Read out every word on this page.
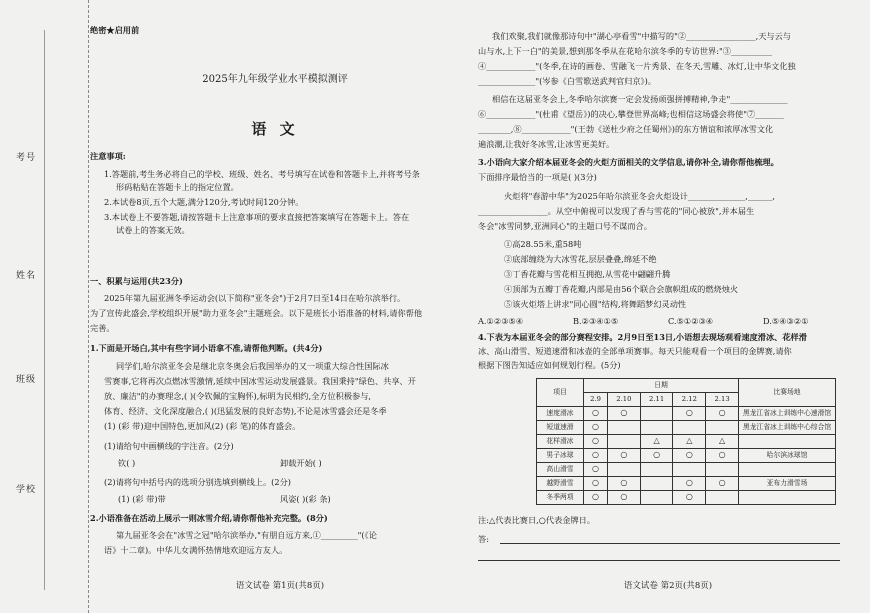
考号
姓名
班级
学校
绝密★启用前
2025年九年级学业水平模拟测评
语 文
注意事项:
1.答题前,考生务必将自己的学校、班级、姓名、考号填写在试卷和答题卡上,并将考号条
形码粘贴在答题卡上的指定位置。
2.本试卷8页,五个大题,满分120分,考试时间120分钟。
3.本试卷上不要答题,请按答题卡上注意事项的要求直接把答案填写在答题卡上。答在
试卷上的答案无效。
一、积累与运用(共23分)
2025年第九届亚洲冬季运动会(以下简称"亚冬会")于2月7日至14日在哈尔滨举行。
为了宣传此盛会,学校组织开展"助力亚冬会"主题班会。以下是班长小语准备的材料,请你帮他
完善。
1.下面是开场白,其中有些字词小语拿不准,请帮他判断。(共4分)
同学们,哈尔滨亚冬会是继北京冬奥会后我国举办的又一项重大综合性国际冰
雪赛事,它将再次点燃冰雪激情,延续中国冰雪运动发展盛景。我国秉持"绿色、共享、开
放、廉洁"的办赛理念,( )(令钦佩的宝胸怀),标明为民相约,全方位积极参与,
体育、经济、文化深度融合,( )(迅猛发展的良好态势),不论是冰雪盛会还是冬季
(1) (彩 带)迎中国特色,更加风(2) (彩 笔)的体育盛会。
(1)请给句中画横线的字注音。(2分)
钦( )	卸载开始( )
(2)请将句中括号内的选项分别选填到横线上。(2分)
(1) (彩 带)带	风姿( )(彩 条)
2.小语准备在活动上展示一则冰雪介绍,请你帮他补充完整。(8分)
第九届亚冬会在"冰雪之冠"哈尔滨举办,"有朋自远方来,①_________"(《论
语》十二章)。中华儿女满怀热情地欢迎远方友人。
语文试卷 第1页(共8页)
我们欢聚,我们就像那诗句中"湖心亭看雪"中描写的"②_________________,天与云与
山与水,上下一白"的美景,想到那冬季从在花哈尔滨冬季的专访世界:"③__________
④____________"(冬季,在诗的画卷、雪融飞一片秀景、在冬天,雪雕、冰灯,让中华文化独
______________"(岑参《白雪歌送武判官归京》)。
相信在这届亚冬会上,冬季哈尔滨赛一定会发扬顽强拼搏精神,争走"______________
⑥____________"(杜甫《望岳》)的决心,攀登世界高峰;也相信这场盛会将使"⑦_______
________,⑧____________"(王勃《送杜少府之任蜀州》)的东方情谊和浓厚冰雪文化
遍浪潮,让我好冬冰雪,让冰雪更美好。
3.小语向大家介绍本届亚冬会的火炬方面相关的文学信息,请你补全,请你帮他梳理。
下面排序最恰当的一项是( )(3分)
火炬将"春游中华"为2025年哈尔滨亚冬会火炬设计______________,______,
_________________。从空中俯视可以发现了香与雪花的"同心被放",并本届生
冬会"冰雪同梦,亚洲同心"的主题口号不谋而合。
①高28.55米,重58吨
②底部缠绕为大冰雪花,层层叠叠,绵延不绝
③丁香花瓣与雪花相互拥抱,从雪花中翩翩升腾
④顶部为五瓣丁香花瓣,内部是由56个联合会旗帜组成的燃烧烛火
⑤该火炬塔上讲求"同心圆"结构,将舞蹈梦幻灵动性
A.①②③⑤④	B.②③④①⑤	C.⑤①②③④	D.⑤④③②①
4.下表为本届亚冬会的部分赛程安排。2月9日至13日,小语想去现场观看速度滑冰、花样滑
项目	日期					比赛场地
	2.9	2.10	2.11	2.12	2.13	
速度滑冰	○	○		○	○	黑龙江省冰上训练中心速滑馆
短道速滑	○					黑龙江省冰上训练中心综合馆
花样滑冰	○		△	△	△	
男子冰球	○	○	○	○	○	哈尔滨冰球馆
高山滑雪	○					
越野滑雪	○	○		○	○	亚布力滑雪场
冬季两项	○	○		○		
注:△代表比赛日,○代表金牌日。
答:
语文试卷 第2页(共8页)
根据下图告知适应如何规划行程。(5分)
冰、高山滑雪、短道速滑和冰壶的全部单项赛事。每天只能观看一个项目的金牌赛,请你
